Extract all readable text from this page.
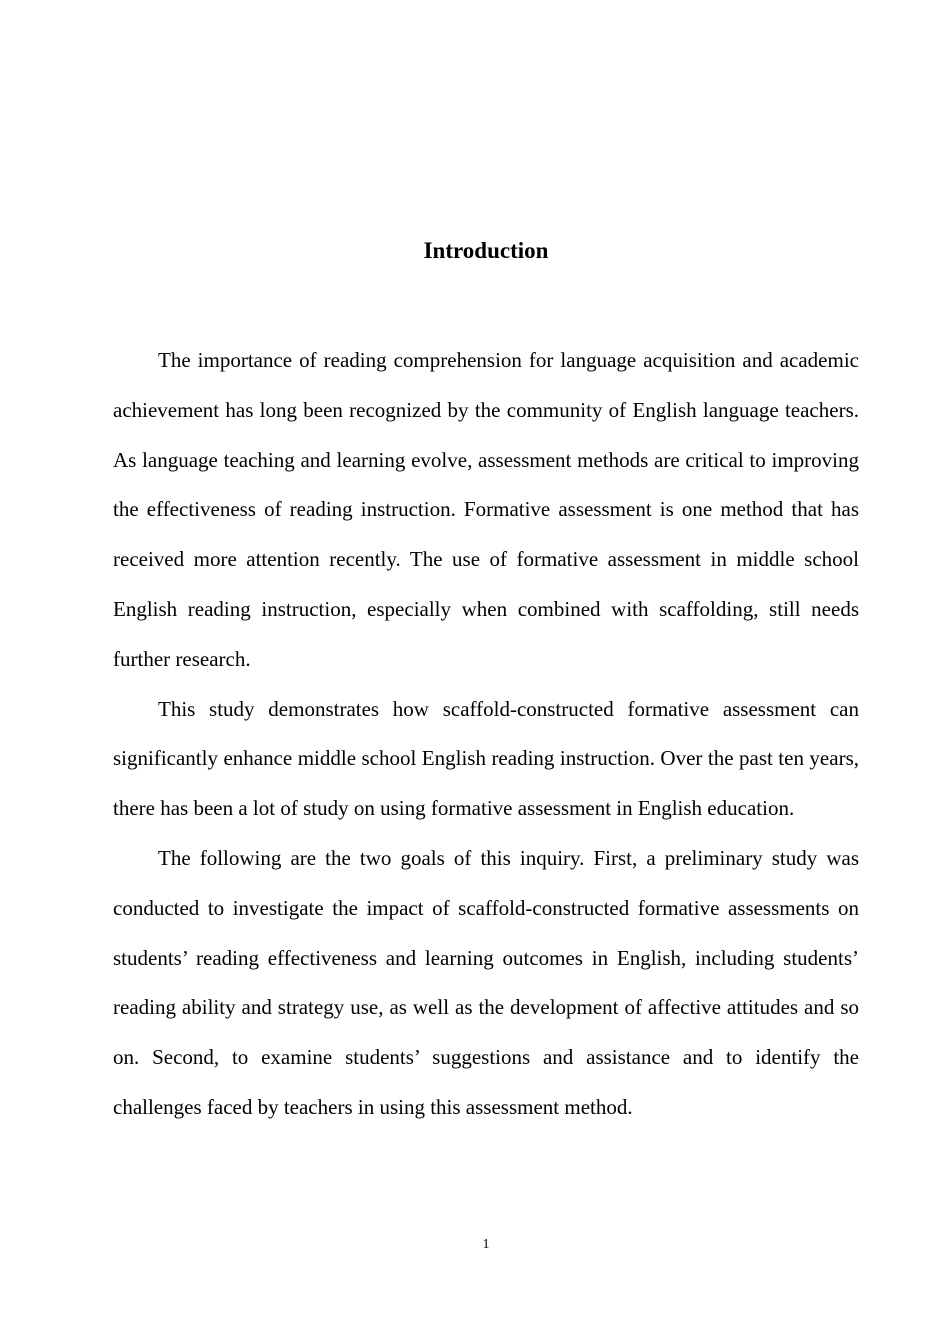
Introduction

The importance of reading comprehension for language acquisition and academic achievement has long been recognized by the community of English language teachers. As language teaching and learning evolve, assessment methods are critical to improving the effectiveness of reading instruction. Formative assessment is one method that has received more attention recently. The use of formative assessment in middle school English reading instruction, especially when combined with scaffolding, still needs further research.

This study demonstrates how scaffold-constructed formative assessment can significantly enhance middle school English reading instruction. Over the past ten years, there has been a lot of study on using formative assessment in English education.

The following are the two goals of this inquiry. First, a preliminary study was conducted to investigate the impact of scaffold-constructed formative assessments on students’ reading effectiveness and learning outcomes in English, including students’ reading ability and strategy use, as well as the development of affective attitudes and so on. Second, to examine students’ suggestions and assistance and to identify the challenges faced by teachers in using this assessment method.

1
